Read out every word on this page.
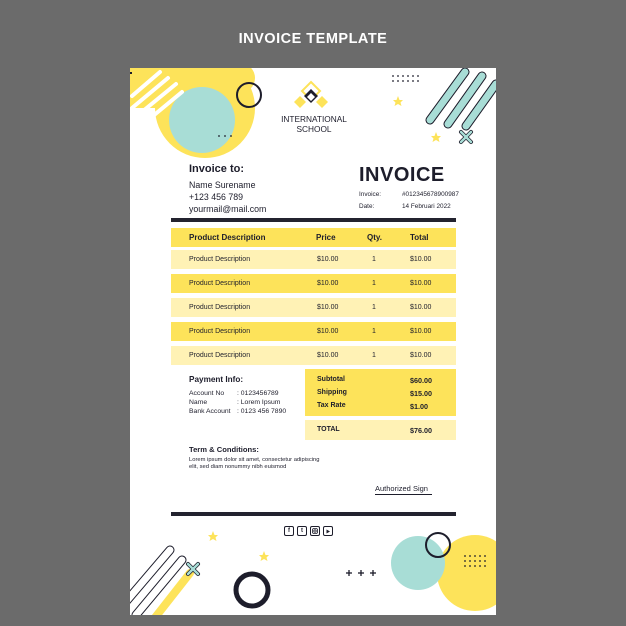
INVOICE TEMPLATE
INTERNATIONAL
SCHOOL
Invoice to:
Name Surename
+123 456 789
yourmail@mail.com
INVOICE
Invoice:	#012345678900987
Date:	14 Februari 2022
Product Description	Price	Qty.	Total
Product Description	$10.00	1	$10.00
Product Description	$10.00	1	$10.00
Product Description	$10.00	1	$10.00
Product Description	$10.00	1	$10.00
Product Description	$10.00	1	$10.00
Payment Info:
Account No : 0123456789
Name	: Lorem Ipsum
Bank Account : 0123 456 7890
Subtotal	$60.00
Shipping	$15.00
Tax Rate	$1.00
TOTAL	$76.00
Term & Conditions:
Lorem ipsum dolor sit amet, consectetur adipiscing
elit, sed diam nonummy nibh euismod
Authorized Sign
f	t
